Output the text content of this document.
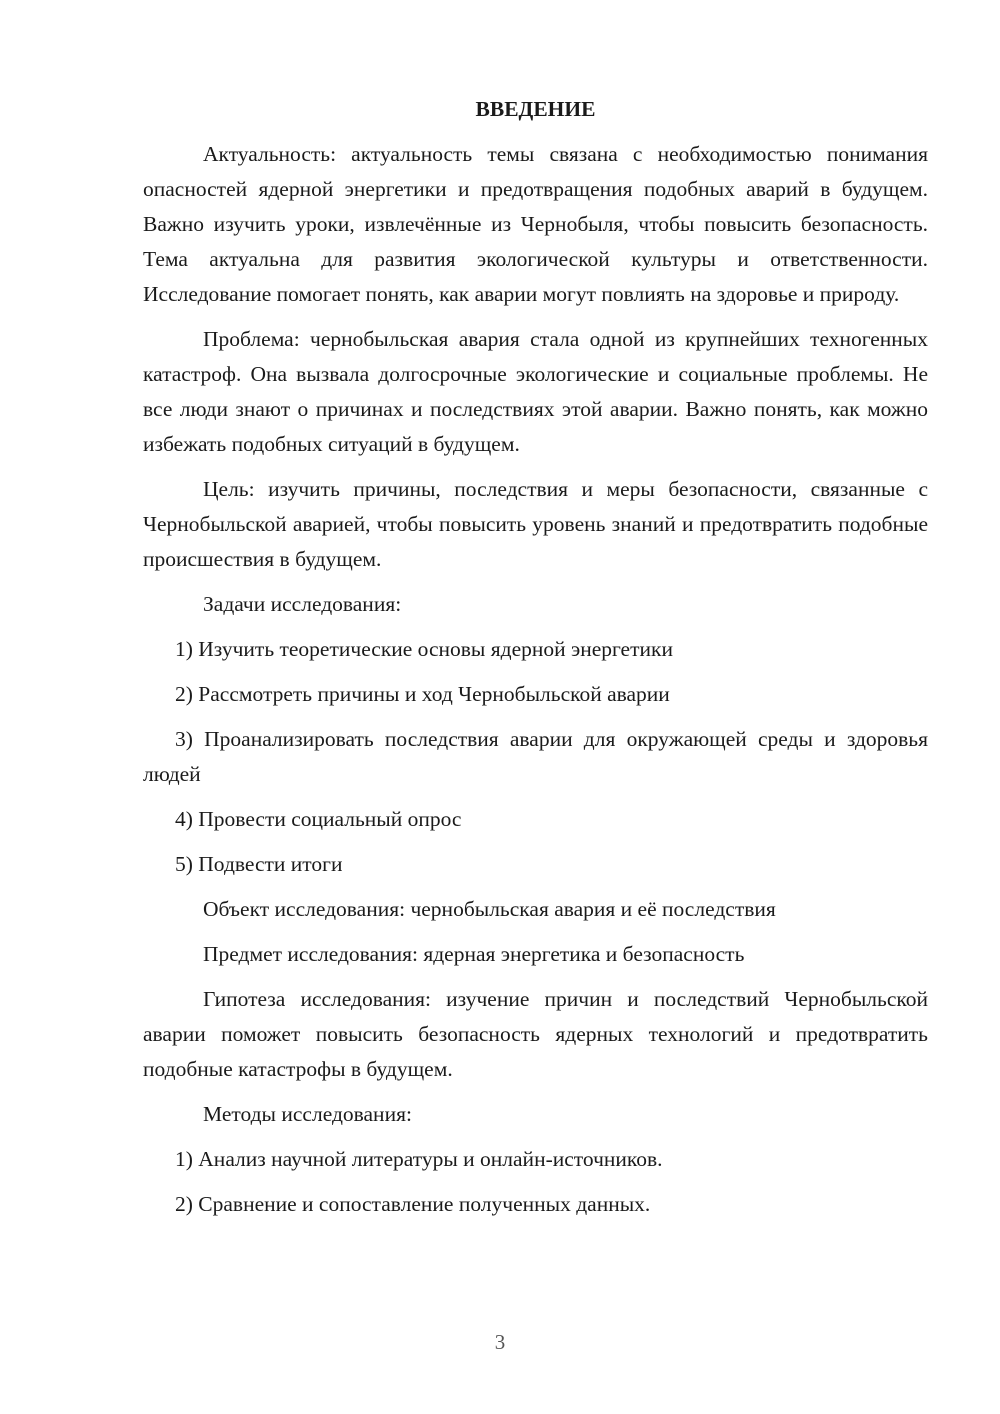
ВВЕДЕНИЕ

Актуальность: актуальность темы связана с необходимостью понимания опасностей ядерной энергетики и предотвращения подобных аварий в будущем. Важно изучить уроки, извлечённые из Чернобыля, чтобы повысить безопасность. Тема актуальна для развития экологической культуры и ответственности. Исследование помогает понять, как аварии могут повлиять на здоровье и природу.

Проблема: чернобыльская авария стала одной из крупнейших техногенных катастроф. Она вызвала долгосрочные экологические и социальные проблемы. Не все люди знают о причинах и последствиях этой аварии. Важно понять, как можно избежать подобных ситуаций в будущем.

Цель: изучить причины, последствия и меры безопасности, связанные с Чернобыльской аварией, чтобы повысить уровень знаний и предотвратить подобные происшествия в будущем.

Задачи исследования:

1) Изучить теоретические основы ядерной энергетики

2) Рассмотреть причины и ход Чернобыльской аварии

3) Проанализировать последствия аварии для окружающей среды и здоровья людей

4) Провести социальный опрос

5) Подвести итоги

Объект исследования: чернобыльская авария и её последствия
Предмет исследования: ядерная энергетика и безопасность

Гипотеза исследования: изучение причин и последствий Чернобыльской аварии поможет повысить безопасность ядерных технологий и предотвратить подобные катастрофы в будущем.

Методы исследования:

1) Анализ научной литературы и онлайн-источников.

2) Сравнение и сопоставление полученных данных.

3
